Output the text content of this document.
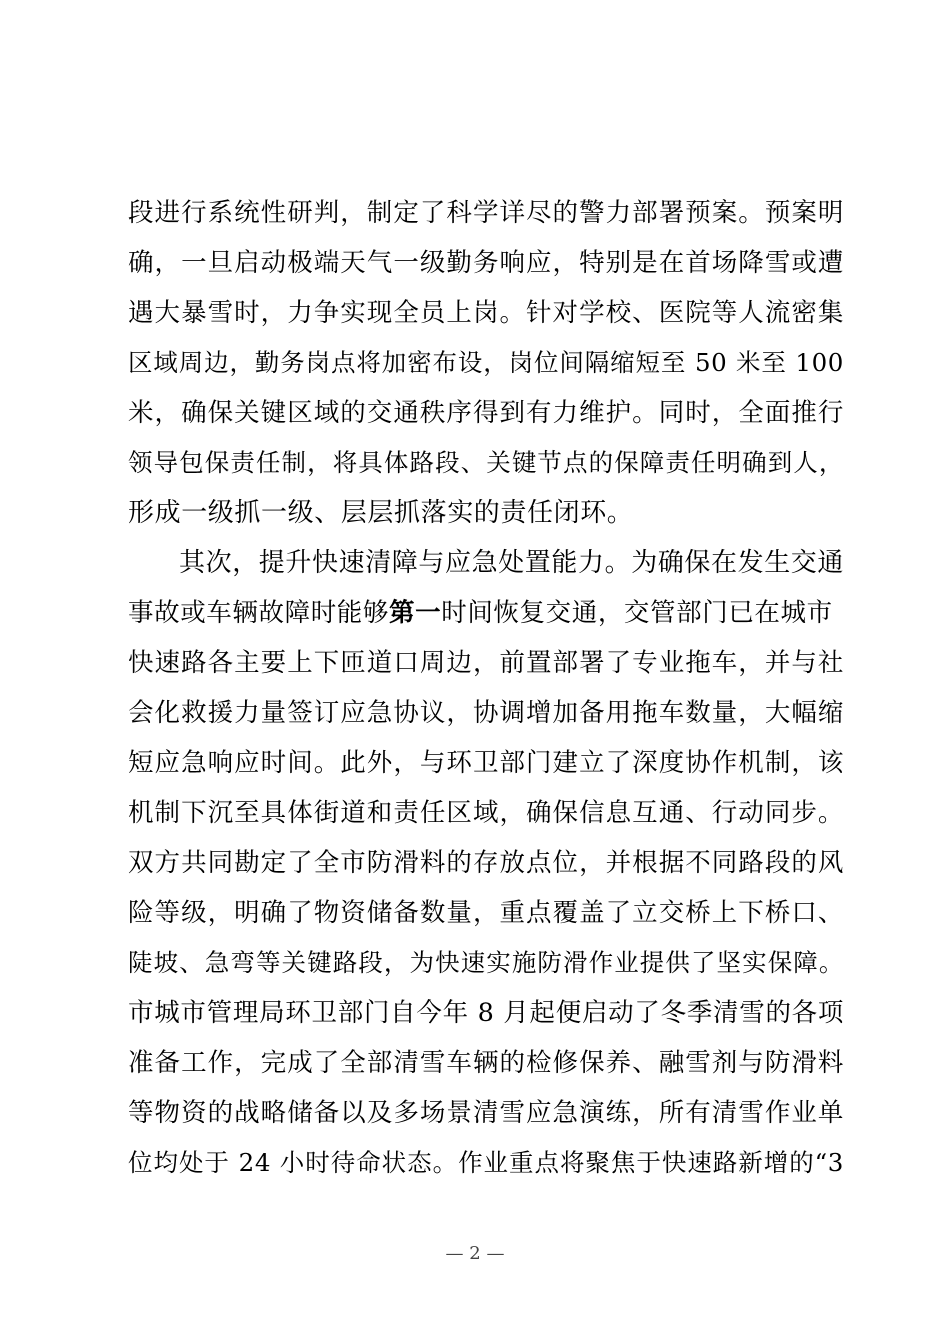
段进行系统性研判，制定了科学详尽的警力部署预案。预案明
确，一旦启动极端天气一级勤务响应，特别是在首场降雪或遭
遇大暴雪时，力争实现全员上岗。针对学校、医院等人流密集
区域周边，勤务岗点将加密布设，岗位间隔缩短至 50 米至 100
米，确保关键区域的交通秩序得到有力维护。同时，全面推行
领导包保责任制，将具体路段、关键节点的保障责任明确到人，
形成一级抓一级、层层抓落实的责任闭环。
其次，提升快速清障与应急处置能力。为确保在发生交通
事故或车辆故障时能够第一时间恢复交通，交管部门已在城市
快速路各主要上下匝道口周边，前置部署了专业拖车，并与社
会化救援力量签订应急协议，协调增加备用拖车数量，大幅缩
短应急响应时间。此外，与环卫部门建立了深度协作机制，该
机制下沉至具体街道和责任区域，确保信息互通、行动同步。
双方共同勘定了全市防滑料的存放点位，并根据不同路段的风
险等级，明确了物资储备数量，重点覆盖了立交桥上下桥口、
陡坡、急弯等关键路段，为快速实施防滑作业提供了坚实保障。
市城市管理局环卫部门自今年 8 月起便启动了冬季清雪的各项
准备工作，完成了全部清雪车辆的检修保养、融雪剂与防滑料
等物资的战略储备以及多场景清雪应急演练，所有清雪作业单
位均处于 24 小时待命状态。作业重点将聚焦于快速路新增的“3
— 2 —
